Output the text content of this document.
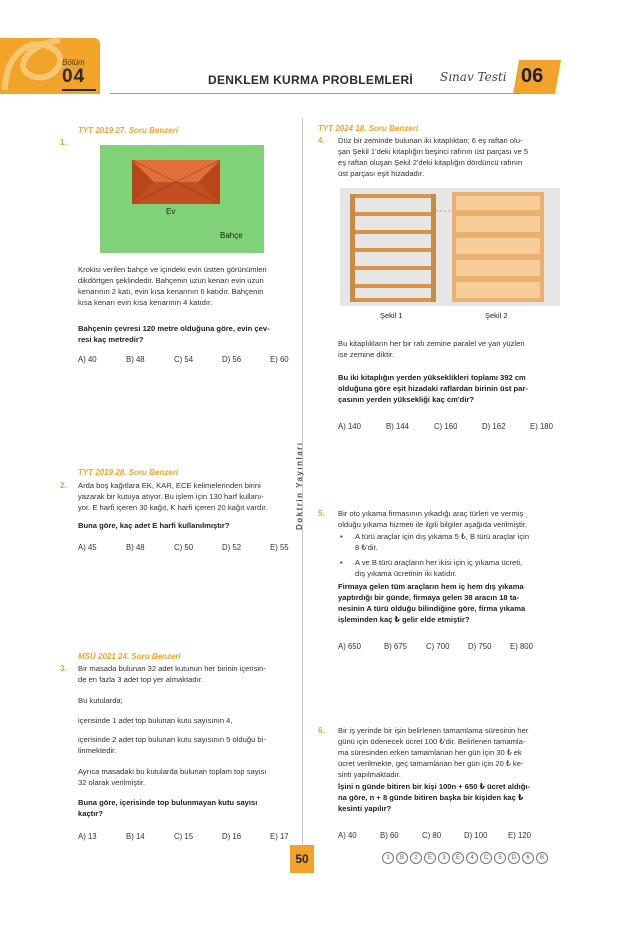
Bölüm
04	DENKLEM KURMA PROBLEMLERİ Sınav Testi 06
Doktrin Yayınları
50
TYT 2019 27. Soru Benzeri
1.
Ev
Bahçe
Krokisi verilen bahçe ve içindeki evin üstten görünümleri
dikdörtgen şeklindedir. Bahçenin uzun kenarı evin uzun
kenarının 2 katı, evin kısa kenarının 6 katıdır. Bahçenin
kısa kenarı evin kısa kenarının 4 katıdır.
Bahçenin çevresi 120 metre olduğuna göre, evin çev-
resi kaç metredir?
A) 40	B) 48	C) 54	D) 56	E) 60
TYT 2019 28. Soru Benzeri
2. Arda boş kağıtlara EK, KAR, ECE kelimelerinden birini
yazarak bir kutuya atıyor. Bu işlem için 130 harf kullanı-
yor. E harfi içeren 30 kağıt, K harfi içeren 20 kağıt vardır.
Buna göre, kaç adet E harfi kullanılmıştır?
A) 45	B) 48	C) 50	D) 52	E) 55
MSÜ 2021 24. Soru Benzeri
3. Bir masada bulunan 32 adet kutunun her birinin içerisin-
de en fazla 3 adet top yer almaktadır.
Bu kutularda;
içerisinde 1 adet top bulunan kutu sayısının 4,
içerisinde 2 adet top bulunan kutu sayısının 5 olduğu bi-
linmektedir.
Ayrıca masadaki bu kutularda bulunan toplam top sayısı
32 olarak verilmiştir.
Buna göre, içerisinde top bulunmayan kutu sayısı
kaçtır?
A) 13	B) 14	C) 15	D) 16	E) 17
TYT 2024 18. Soru Benzeri
4. Düz bir zeminde bulunan iki kitaplıktan; 6 eş raftan olu-
şan Şekil 1'deki kitaplığın beşinci rafının üst parçası ve 5
eş raftan oluşan Şekil 2'deki kitaplığın dördüncü rafının
üst parçası eşit hizadadır.
Şekil 1	Şekil 2
Bu kitaplıkların her bir rafı zemine paralel ve yan yüzleri
ise zemine diktir.
Bu iki kitaplığın yerden yükseklikleri toplamı 392 cm
olduğuna göre eşit hizadaki raflardan birinin üst par-
çasının yerden yüksekliği kaç cm'dir?
A) 140	B) 144	C) 160	D) 162	E) 180
5. Bir oto yıkama firmasının yıkadığı araç türleri ve vermiş
olduğu yıkama hizmeti ile ilgili bilgiler aşağıda verilmiştir.
• A türü araçlar için dış yıkama 5 ₺, B türü araçlar için
8 ₺'dir.
• A ve B türü araçların her ikisi için iç yıkama ücreti,
dış yıkama ücretinin iki katıdır.
Firmaya gelen tüm araçların hem iç hem dış yıkama
yaptırdığı bir günde, firmaya gelen 38 aracın 18 ta-
nesinin A türü olduğu bilindiğine göre, firma yıkama
işleminden kaç ₺ gelir elde etmiştir?
A) 650	B) 675	C) 700	D) 750	E) 800
6. Bir iş yerinde bir işin belirlenen tamamlama süresinin her
günü için ödenecek ücret 100 ₺'dir. Belirlenen tamamla-
ma süresinden erken tamamlanan her gün için 30 ₺ ek
ücret verilmekte, geç tamamlanan her gün için 20 ₺ ke-
sinti yapılmaktadır.
İşini n günde bitiren bir kişi 100n + 650 ₺ ücret aldığı-
na göre, n + 8 günde bitiren başka bir kişiden kaç ₺
kesinti yapılır?
A) 40	B) 60	C) 80	D) 100	E) 120
1	B	2	E	3	E	4	C	5	D	6	B
